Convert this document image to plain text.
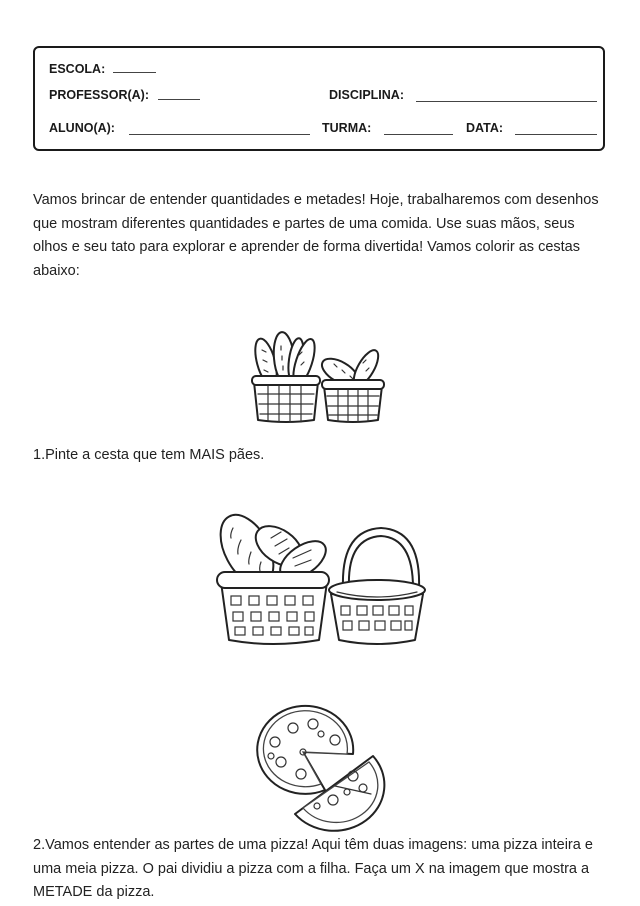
ESCOLA:
PROFESSOR(A):	DISCIPLINA:
ALUNO(A):	TURMA:	DATA:

Vamos brincar de entender quantidades e metades! Hoje, trabalharemos com desenhos que mostram diferentes quantidades e partes de uma comida. Use suas mãos, seus olhos e seu tato para explorar e aprender de forma divertida! Vamos colorir as cestas abaixo:

1.Pinte a cesta que tem MAIS pães.

2.Vamos entender as partes de uma pizza! Aqui têm duas imagens: uma pizza inteira e uma meia pizza. O pai dividiu a pizza com a filha. Faça um X na imagem que mostra a METADE da pizza.
